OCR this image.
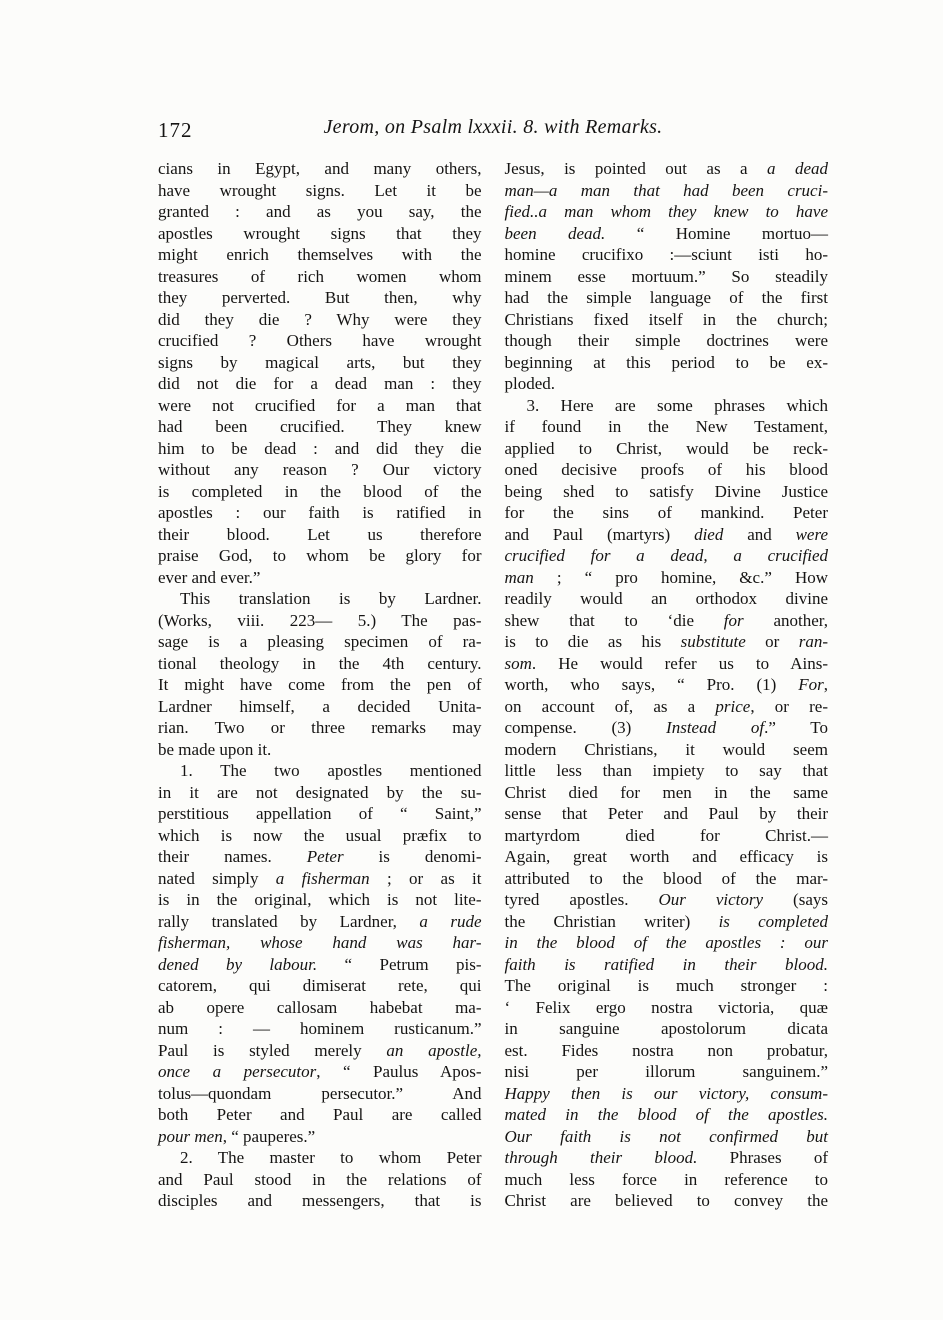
172	Jerom, on Psalm lxxxii. 8. with Remarks.
cians in Egypt, and many others,
have wrought signs. Let it be
granted : and as you say, the
apostles wrought signs that they
might enrich themselves with the
treasures of rich women whom
they perverted. But then, why
did they die ? Why were they
crucified ? Others have wrought
signs by magical arts, but they
did not die for a dead man : they
were not crucified for a man that
had been crucified. They knew
him to be dead : and did they die
without any reason ? Our victory
is completed in the blood of the
apostles : our faith is ratified in
their blood. Let us therefore
praise God, to whom be glory for
ever and ever.”
This translation is by Lardner.
(Works, viii. 223— 5.) The pas-
sage is a pleasing specimen of ra-
tional theology in the 4th century.
It might have come from the pen of
Lardner himself, a decided Unita-
rian. Two or three remarks may
be made upon it.
1. The two apostles mentioned
in it are not designated by the su-
perstitious appellation of “ Saint,”
which is now the usual præfix to
their names. Peter is denomi-
nated simply a fisherman ; or as it
is in the original, which is not lite-
rally translated by Lardner, a rude
fisherman, whose hand was har-
dened by labour. “ Petrum pis-
catorem, qui dimiserat rete, qui
ab opere callosam habebat ma-
num : — hominem rusticanum.”
Paul is styled merely an apostle,
once a persecutor, “ Paulus Apos-
tolus—quondam persecutor.” And
both Peter and Paul are called
pour men, “ pauperes.”
2. The master to whom Peter
and Paul stood in the relations of
disciples and messengers, that is
Jesus, is pointed out as a a dead
man—a man that had been cruci-
fied..a man whom they knew to have
been dead. “ Homine mortuo—
homine crucifixo :—sciunt isti ho-
minem esse mortuum.” So steadily
had the simple language of the first
Christians fixed itself in the church;
though their simple doctrines were
beginning at this period to be ex-
ploded.
3. Here are some phrases which
if found in the New Testament,
applied to Christ, would be reck-
oned decisive proofs of his blood
being shed to satisfy Divine Justice
for the sins of mankind. Peter
and Paul (martyrs) died and were
crucified for a dead, a crucified
man ; “ pro homine, &c.” How
readily would an orthodox divine
shew that to ‘die for another,
is to die as his substitute or ran-
som. He would refer us to Ains-
worth, who says, “ Pro. (1) For,
on account of, as a price, or re-
compense. (3) Instead of.” To
modern Christians, it would seem
little less than impiety to say that
Christ died for men in the same
sense that Peter and Paul by their
martyrdom died for Christ.—
Again, great worth and efficacy is
attributed to the blood of the mar-
tyred apostles. Our victory (says
the Christian writer) is completed
in the blood of the apostles : our
faith is ratified in their blood.
The original is much stronger :
‘ Felix ergo nostra victoria, quæ
in sanguine apostolorum dicata
est. Fides nostra non probatur,
nisi per illorum sanguinem.”
Happy then is our victory, consum-
mated in the blood of the apostles.
Our faith is not confirmed but
through their blood. Phrases of
much less force in reference to
Christ are believed to convey the
